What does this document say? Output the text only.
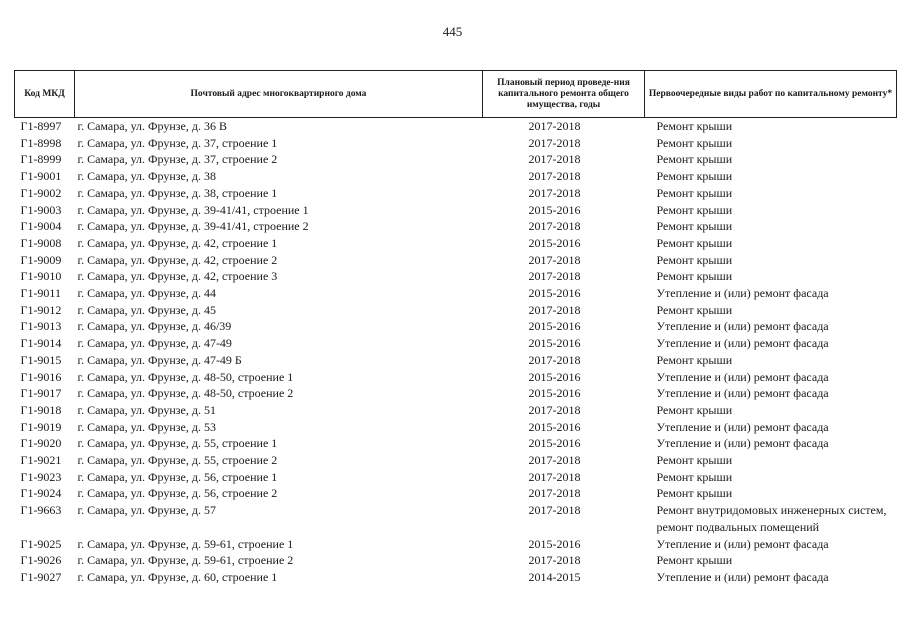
445
Код МКД	Почтовый адрес многоквартирного дома	Плановый период проведе-ния капитального ремонта общего имущества, годы	Первоочередные виды работ по капитальному ремонту*
Г1-8997	г. Самара, ул. Фрунзе, д. 36 В	2017-2018	Ремонт крыши
Г1-8998	г. Самара, ул. Фрунзе, д. 37, строение 1	2017-2018	Ремонт крыши
Г1-8999	г. Самара, ул. Фрунзе, д. 37, строение 2	2017-2018	Ремонт крыши
Г1-9001	г. Самара, ул. Фрунзе, д. 38	2017-2018	Ремонт крыши
Г1-9002	г. Самара, ул. Фрунзе, д. 38, строение 1	2017-2018	Ремонт крыши
Г1-9003	г. Самара, ул. Фрунзе, д. 39-41/41, строение 1	2015-2016	Ремонт крыши
Г1-9004	г. Самара, ул. Фрунзе, д. 39-41/41, строение 2	2017-2018	Ремонт крыши
Г1-9008	г. Самара, ул. Фрунзе, д. 42, строение 1	2015-2016	Ремонт крыши
Г1-9009	г. Самара, ул. Фрунзе, д. 42, строение 2	2017-2018	Ремонт крыши
Г1-9010	г. Самара, ул. Фрунзе, д. 42, строение 3	2017-2018	Ремонт крыши
Г1-9011	г. Самара, ул. Фрунзе, д. 44	2015-2016	Утепление и (или) ремонт фасада
Г1-9012	г. Самара, ул. Фрунзе, д. 45	2017-2018	Ремонт крыши
Г1-9013	г. Самара, ул. Фрунзе, д. 46/39	2015-2016	Утепление и (или) ремонт фасада
Г1-9014	г. Самара, ул. Фрунзе, д. 47-49	2015-2016	Утепление и (или) ремонт фасада
Г1-9015	г. Самара, ул. Фрунзе, д. 47-49 Б	2017-2018	Ремонт крыши
Г1-9016	г. Самара, ул. Фрунзе, д. 48-50, строение 1	2015-2016	Утепление и (или) ремонт фасада
Г1-9017	г. Самара, ул. Фрунзе, д. 48-50, строение 2	2015-2016	Утепление и (или) ремонт фасада
Г1-9018	г. Самара, ул. Фрунзе, д. 51	2017-2018	Ремонт крыши
Г1-9019	г. Самара, ул. Фрунзе, д. 53	2015-2016	Утепление и (или) ремонт фасада
Г1-9020	г. Самара, ул. Фрунзе, д. 55, строение 1	2015-2016	Утепление и (или) ремонт фасада
Г1-9021	г. Самара, ул. Фрунзе, д. 55, строение 2	2017-2018	Ремонт крыши
Г1-9023	г. Самара, ул. Фрунзе, д. 56, строение 1	2017-2018	Ремонт крыши
Г1-9024	г. Самара, ул. Фрунзе, д. 56, строение 2	2017-2018	Ремонт крыши
Г1-9663	г. Самара, ул. Фрунзе, д. 57	2017-2018	Ремонт внутридомовых инженерных систем, ремонт подвальных помещений
Г1-9025	г. Самара, ул. Фрунзе, д. 59-61, строение 1	2015-2016	Утепление и (или) ремонт фасада
Г1-9026	г. Самара, ул. Фрунзе, д. 59-61, строение 2	2017-2018	Ремонт крыши
Г1-9027	г. Самара, ул. Фрунзе, д. 60, строение 1	2014-2015	Утепление и (или) ремонт фасада
